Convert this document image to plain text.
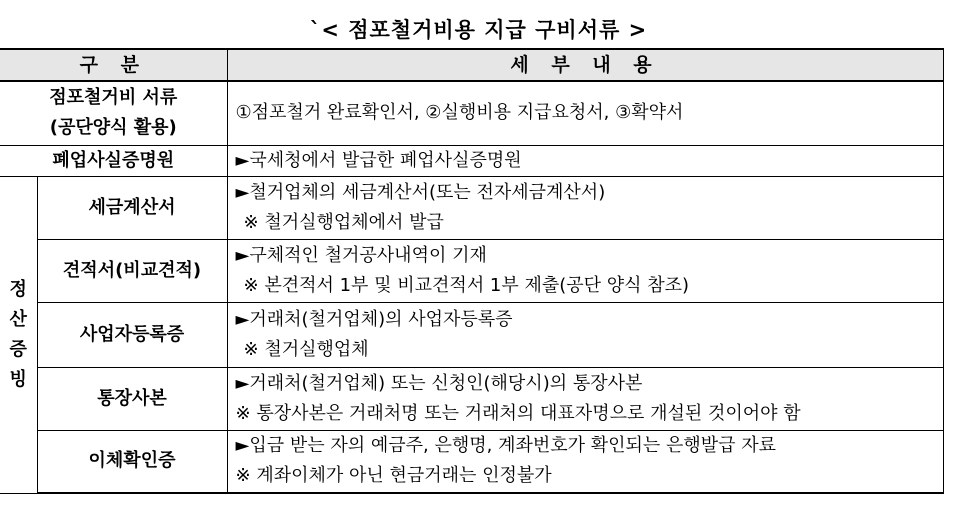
`< 점포철거비용 지급 구비서류 >
구 분		세 부 내 용

점포철거비 서류
(공단양식 활용)		①점포철거 완료확인서, ②실행비용 지급요청서, ③확약서

폐업사실증명원		►국세청에서 발급한 폐업사실증명원

정
산
증
빙	세금계산서	►철거업체의 세금계산서(또는 전자세금계산서)
※ 철거실행업체에서 발급

	견적서(비교견적)	►구체적인 철거공사내역이 기재
※ 본견적서 1부 및 비교견적서 1부 제출(공단 양식 참조)

	사업자등록증	►거래처(철거업체)의 사업자등록증
※ 철거실행업체

	통장사본	►거래처(철거업체) 또는 신청인(해당시)의 통장사본
※ 통장사본은 거래처명 또는 거래처의 대표자명으로 개설된 것이어야 함

	이체확인증	►입금 받는 자의 예금주, 은행명, 계좌번호가 확인되는 은행발급 자료
※ 계좌이체가 아닌 현금거래는 인정불가
